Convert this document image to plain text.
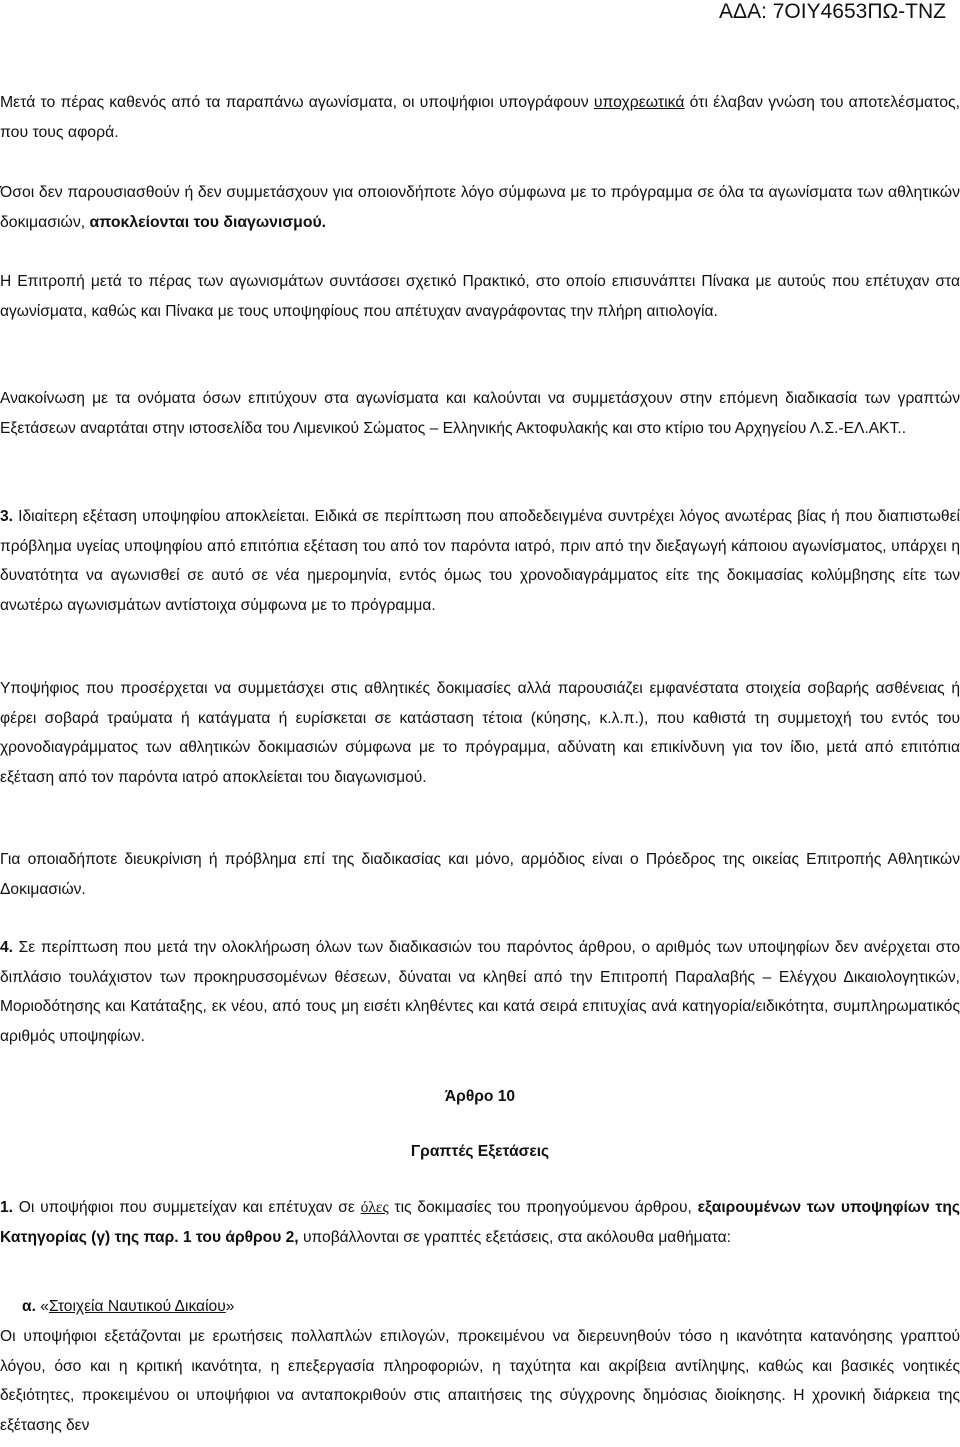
ΑΔΑ: 7ΟΙΥ4653ΠΩ-ΤΝΖ

Μετά το πέρας καθενός από τα παραπάνω αγωνίσματα, οι υποψήφιοι υπογράφουν υποχρεωτικά ότι έλαβαν γνώση του αποτελέσματος, που τους αφορά.

Όσοι δεν παρουσιασθούν ή δεν συμμετάσχουν για οποιονδήποτε λόγο σύμφωνα με το πρόγραμμα σε όλα τα αγωνίσματα των αθλητικών δοκιμασιών, αποκλείονται του διαγωνισμού.

Η Επιτροπή μετά το πέρας των αγωνισμάτων συντάσσει σχετικό Πρακτικό, στο οποίο επισυνάπτει Πίνακα με αυτούς που επέτυχαν στα αγωνίσματα, καθώς και Πίνακα με τους υποψηφίους που απέτυχαν αναγράφοντας την πλήρη αιτιολογία.

Ανακοίνωση με τα ονόματα όσων επιτύχουν στα αγωνίσματα και καλούνται να συμμετάσχουν στην επόμενη διαδικασία των γραπτών Εξετάσεων αναρτάται στην ιστοσελίδα του Λιμενικού Σώματος – Ελληνικής Ακτοφυλακής και στο κτίριο του Αρχηγείου Λ.Σ.-ΕΛ.ΑΚΤ..

3. Ιδιαίτερη εξέταση υποψηφίου αποκλείεται. Ειδικά σε περίπτωση που αποδεδειγμένα συντρέχει λόγος ανωτέρας βίας ή που διαπιστωθεί πρόβλημα υγείας υποψηφίου από επιτόπια εξέταση του από τον παρόντα ιατρό, πριν από την διεξαγωγή κάποιου αγωνίσματος, υπάρχει η δυνατότητα να αγωνισθεί σε αυτό σε νέα ημερομηνία, εντός όμως του χρονοδιαγράμματος είτε της δοκιμασίας κολύμβησης είτε των ανωτέρω αγωνισμάτων αντίστοιχα σύμφωνα με το πρόγραμμα.

Υποψήφιος που προσέρχεται να συμμετάσχει στις αθλητικές δοκιμασίες αλλά παρουσιάζει εμφανέστατα στοιχεία σοβαρής ασθένειας ή φέρει σοβαρά τραύματα ή κατάγματα ή ευρίσκεται σε κατάσταση τέτοια (κύησης, κ.λ.π.), που καθιστά τη συμμετοχή του εντός του χρονοδιαγράμματος των αθλητικών δοκιμασιών σύμφωνα με το πρόγραμμα, αδύνατη και επικίνδυνη για τον ίδιο, μετά από επιτόπια εξέταση από τον παρόντα ιατρό αποκλείεται του διαγωνισμού.

Για οποιαδήποτε διευκρίνιση ή πρόβλημα επί της διαδικασίας και μόνο, αρμόδιος είναι ο Πρόεδρος της οικείας Επιτροπής Αθλητικών Δοκιμασιών.

4. Σε περίπτωση που μετά την ολοκλήρωση όλων των διαδικασιών του παρόντος άρθρου, ο αριθμός των υποψηφίων δεν ανέρχεται στο διπλάσιο τουλάχιστον των προκηρυσσομένων θέσεων, δύναται να κληθεί από την Επιτροπή Παραλαβής – Ελέγχου Δικαιολογητικών, Μοριοδότησης και Κατάταξης, εκ νέου, από τους μη εισέτι κληθέντες και κατά σειρά επιτυχίας ανά κατηγορία/ειδικότητα, συμπληρωματικός αριθμός υποψηφίων.

Άρθρο 10

Γραπτές Εξετάσεις

1. Οι υποψήφιοι που συμμετείχαν και επέτυχαν σε όλες τις δοκιμασίες του προηγούμενου άρθρου, εξαιρουμένων των υποψηφίων της Κατηγορίας (γ) της παρ. 1 του άρθρου 2, υποβάλλονται σε γραπτές εξετάσεις, στα ακόλουθα μαθήματα:

α. «Στοιχεία Ναυτικού Δικαίου»

Οι υποψήφιοι εξετάζονται με ερωτήσεις πολλαπλών επιλογών, προκειμένου να διερευνηθούν τόσο η ικανότητα κατανόησης γραπτού λόγου, όσο και η κριτική ικανότητα, η επεξεργασία πληροφοριών, η ταχύτητα και ακρίβεια αντίληψης, καθώς και βασικές νοητικές δεξιότητες, προκειμένου οι υποψήφιοι να ανταποκριθούν στις απαιτήσεις της σύγχρονης δημόσιας διοίκησης. Η χρονική διάρκεια της εξέτασης δεν
